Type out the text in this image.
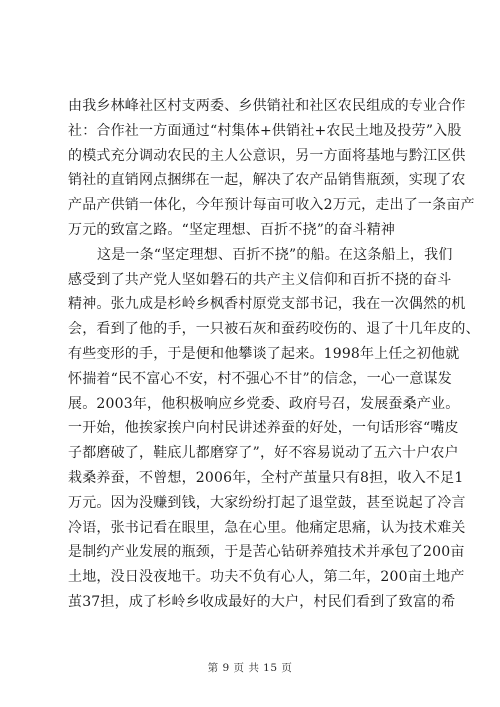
由我乡林峰社区村支两委、乡供销社和社区农民组成的专业合作
社：合作社一方面通过“村集体+供销社+农民土地及投劳”入股
的模式充分调动农民的主人公意识，另一方面将基地与黔江区供
销社的直销网点捆绑在一起，解决了农产品销售瓶颈，实现了农
产品产供销一体化，今年预计每亩可收入2万元，走出了一条亩产
万元的致富之路。“坚定理想、百折不挠”的奋斗精神
这是一条“坚定理想、百折不挠”的船。在这条船上，我们
感受到了共产党人坚如磐石的共产主义信仰和百折不挠的奋斗
精神。张九成是杉岭乡枫香村原党支部书记，我在一次偶然的机
会，看到了他的手，一只被石灰和蚕药咬伤的、退了十几年皮的、
有些变形的手，于是便和他攀谈了起来。1998年上任之初他就
怀揣着“民不富心不安，村不强心不甘”的信念，一心一意谋发
展。2003年，他积极响应乡党委、政府号召，发展蚕桑产业。
一开始，他挨家挨户向村民讲述养蚕的好处，一句话形容“嘴皮
子都磨破了，鞋底儿都磨穿了”，好不容易说动了五六十户农户
栽桑养蚕，不曾想，2006年，全村产茧量只有8担，收入不足1
万元。因为没赚到钱，大家纷纷打起了退堂鼓，甚至说起了冷言
冷语，张书记看在眼里，急在心里。他痛定思痛，认为技术难关
是制约产业发展的瓶颈，于是苦心钻研养殖技术并承包了200亩
土地，没日没夜地干。功夫不负有心人，第二年，200亩土地产
茧37担，成了杉岭乡收成最好的大户，村民们看到了致富的希
第 9 页 共 15 页
